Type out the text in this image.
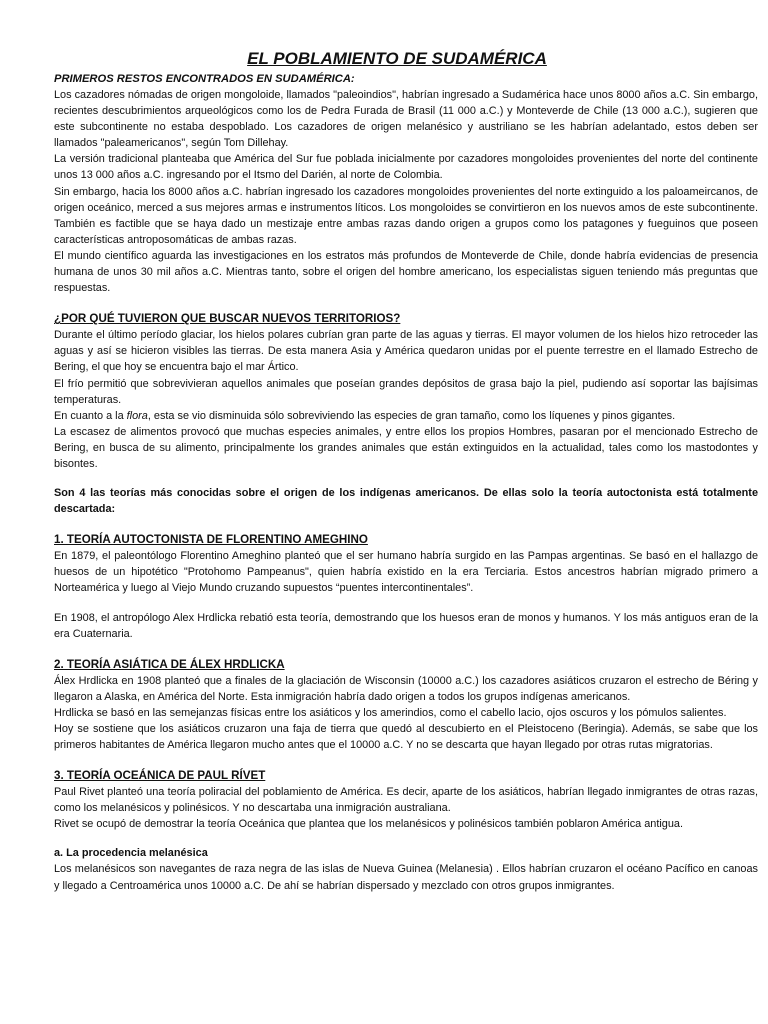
EL POBLAMIENTO DE SUDAMÉRICA
PRIMEROS RESTOS ENCONTRADOS EN SUDAMÉRICA:

Los cazadores nómadas de origen mongoloide, llamados "paleoindios", habrían ingresado a Sudamérica hace unos 8000 años a.C. Sin embargo, recientes descubrimientos arqueológicos como los de Pedra Furada de Brasil (11 000 a.C.) y Monteverde de Chile (13 000 a.C.), sugieren que este subcontinente no estaba despoblado. Los cazadores de origen melanésico y austriliano se les habrían adelantado, estos deben ser llamados "paleamericanos", según Tom Dillehay.

La versión tradicional planteaba que América del Sur fue poblada inicialmente por cazadores mongoloides provenientes del norte del continente unos 13 000 años a.C. ingresando por el Itsmo del Darién, al norte de Colombia.

Sin embargo, hacia los 8000 años a.C. habrían ingresado los cazadores mongoloides provenientes del norte extinguido a los paloameircanos, de origen oceánico, merced a sus mejores armas e instrumentos líticos. Los mongoloides se convirtieron en los nuevos amos de este subcontinente. También es factible que se haya dado un mestizaje entre ambas razas dando origen a grupos como los patagones y fueguinos que poseen características antroposomáticas de ambas razas.

El mundo científico aguarda las investigaciones en los estratos más profundos de Monteverde de Chile, donde habría evidencias de presencia humana de unos 30 mil años a.C. Mientras tanto, sobre el origen del hombre americano, los especialistas siguen teniendo más preguntas que respuestas.

¿POR QUÉ TUVIERON QUE BUSCAR NUEVOS TERRITORIOS?

Durante el último período glaciar, los hielos polares cubrían gran parte de las aguas y tierras. El mayor volumen de los hielos hizo retroceder las aguas y así se hicieron visibles las tierras. De esta manera Asia y América quedaron unidas por el puente terrestre en el llamado Estrecho de Bering, el que hoy se encuentra bajo el mar Ártico.

El frío permitió que sobrevivieran aquellos animales que poseían grandes depósitos de grasa bajo la piel, pudiendo así soportar las bajísimas temperaturas.

En cuanto a la flora, esta se vio disminuida sólo sobreviviendo las especies de gran tamaño, como los líquenes y pinos gigantes.

La escasez de alimentos provocó que muchas especies animales, y entre ellos los propios Hombres, pasaran por el mencionado Estrecho de Bering, en busca de su alimento, principalmente los grandes animales que están extinguidos en la actualidad, tales como los mastodontes y bisontes.

Son 4 las teorías más conocidas sobre el origen de los indígenas americanos. De ellas solo la teoría autoctonista está totalmente descartada:
1. TEORÍA AUTOCTONISTA DE FLORENTINO AMEGHINO

En 1879, el paleontólogo Florentino Ameghino planteó que el ser humano habría surgido en las Pampas argentinas. Se basó en el hallazgo de huesos de un hipotético "Protohomo Pampeanus", quien habría existido en la era Terciaria. Estos ancestros habrían migrado primero a Norteamérica y luego al Viejo Mundo cruzando supuestos “puentes intercontinentales”.

En 1908, el antropólogo Alex Hrdlicka rebatió esta teoría, demostrando que los huesos eran de monos y humanos. Y los más antiguos eran de la era Cuaternaria.

2. TEORÍA ASIÁTICA DE ÁLEX HRDLICKA

Álex Hrdlicka en 1908 planteó que a finales de la glaciación de Wisconsin (10000 a.C.) los cazadores asiáticos cruzaron el estrecho de Béring y llegaron a Alaska, en América del Norte. Esta inmigración habría dado origen a todos los grupos indígenas americanos.

Hrdlicka se basó en las semejanzas físicas entre los asiáticos y los amerindios, como el cabello lacio, ojos oscuros y los pómulos salientes.

Hoy se sostiene que los asiáticos cruzaron una faja de tierra que quedó al descubierto en el Pleistoceno (Beringia). Además, se sabe que los primeros habitantes de América llegaron mucho antes que el 10000 a.C. Y no se descarta que hayan llegado por otras rutas migratorias.

3. TEORÍA OCEÁNICA DE PAUL RÍVET

Paul Rivet planteó una teoría poliracial del poblamiento de América. Es decir, aparte de los asiáticos, habrían llegado inmigrantes de otras razas, como los melanésicos y polinésicos. Y no descartaba una inmigración australiana.

Rivet se ocupó de demostrar la teoría Oceánica que plantea que los melanésicos y polinésicos también poblaron América antigua.

a. La procedencia melanésica

Los melanésicos son navegantes de raza negra de las islas de Nueva Guinea (Melanesia) . Ellos habrían cruzaron el océano Pacífico en canoas y llegado a Centroamérica unos 10000 a.C. De ahí se habrían dispersado y mezclado con otros grupos inmigrantes.
